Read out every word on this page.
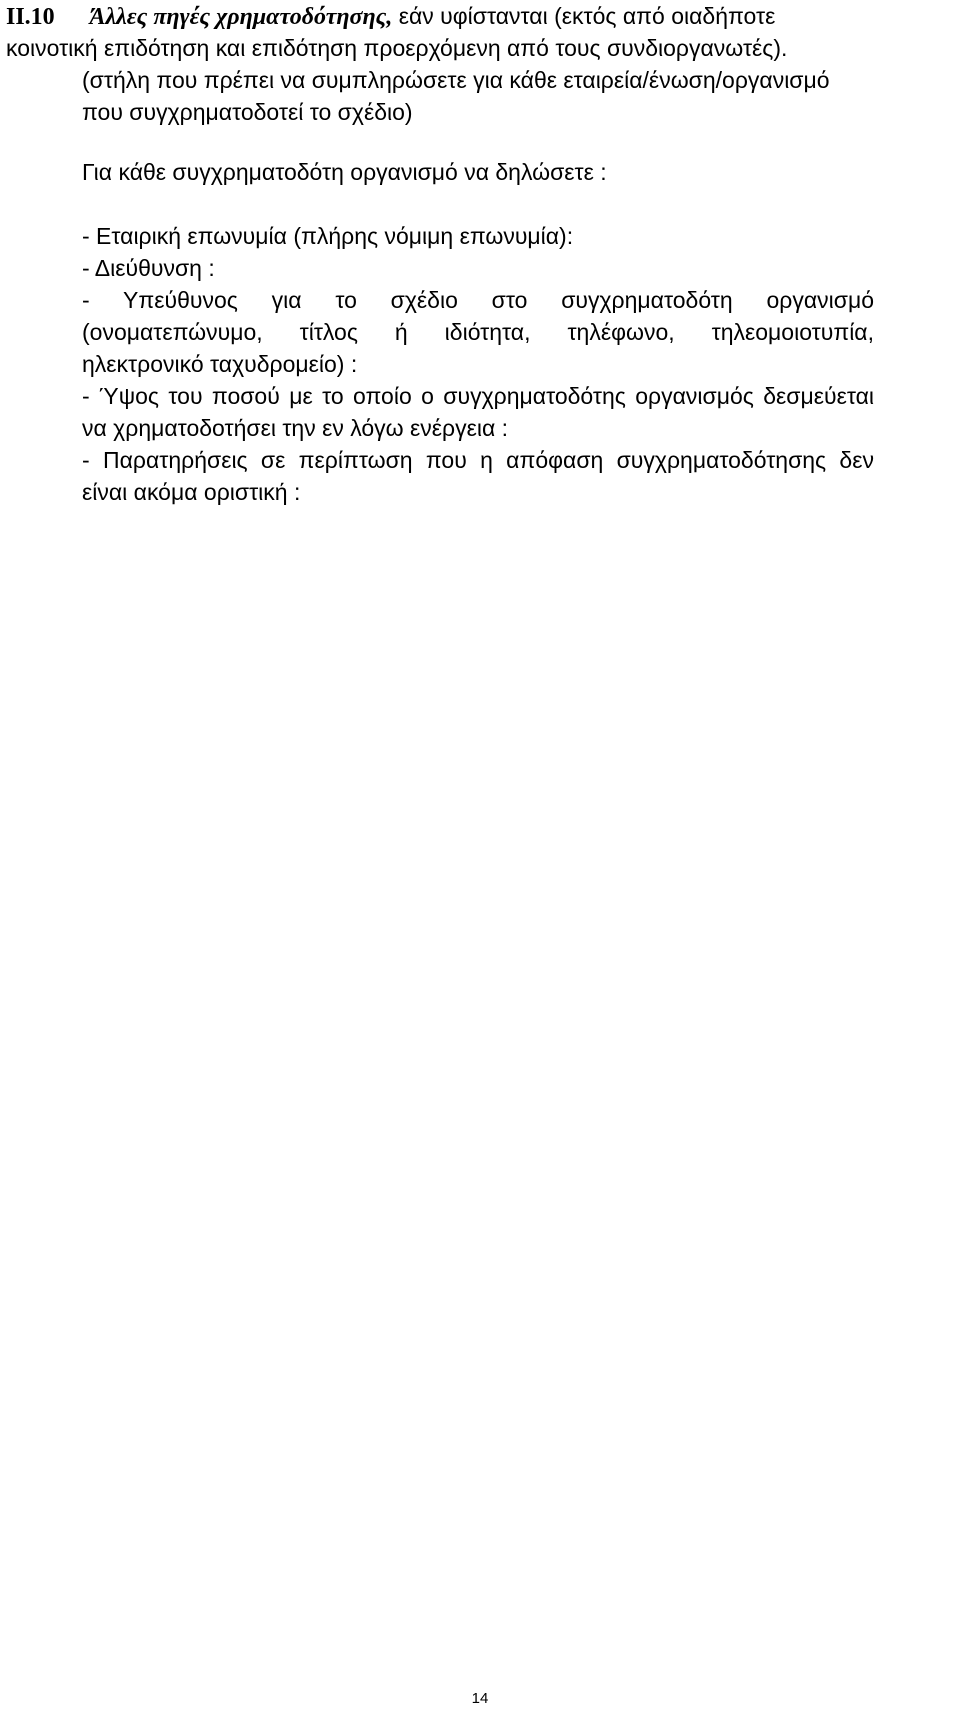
II.10 Άλλες πηγές χρηματοδότησης, εάν υφίστανται (εκτός από οιαδήποτε
κοινοτική επιδότηση και επιδότηση προερχόμενη από τους συνδιοργανωτές).
(στήλη που πρέπει να συμπληρώσετε για κάθε εταιρεία/ένωση/οργανισμό
που συγχρηματοδοτεί το σχέδιο)
Για κάθε συγχρηματοδότη οργανισμό να δηλώσετε :
- Εταιρική επωνυμία (πλήρης νόμιμη επωνυμία):
- Διεύθυνση :
- Υπεύθυνος για το σχέδιο στο συγχρηματοδότη οργανισμό
(ονοματεπώνυμο, τίτλος ή ιδιότητα, τηλέφωνο, τηλεομοιοτυπία,
ηλεκτρονικό ταχυδρομείο) :
- Ύψος του ποσού με το οποίο ο συγχρηματοδότης οργανισμός δεσμεύεται
να χρηματοδοτήσει την εν λόγω ενέργεια :
- Παρατηρήσεις σε περίπτωση που η απόφαση συγχρηματοδότησης δεν
είναι ακόμα οριστική :
14
